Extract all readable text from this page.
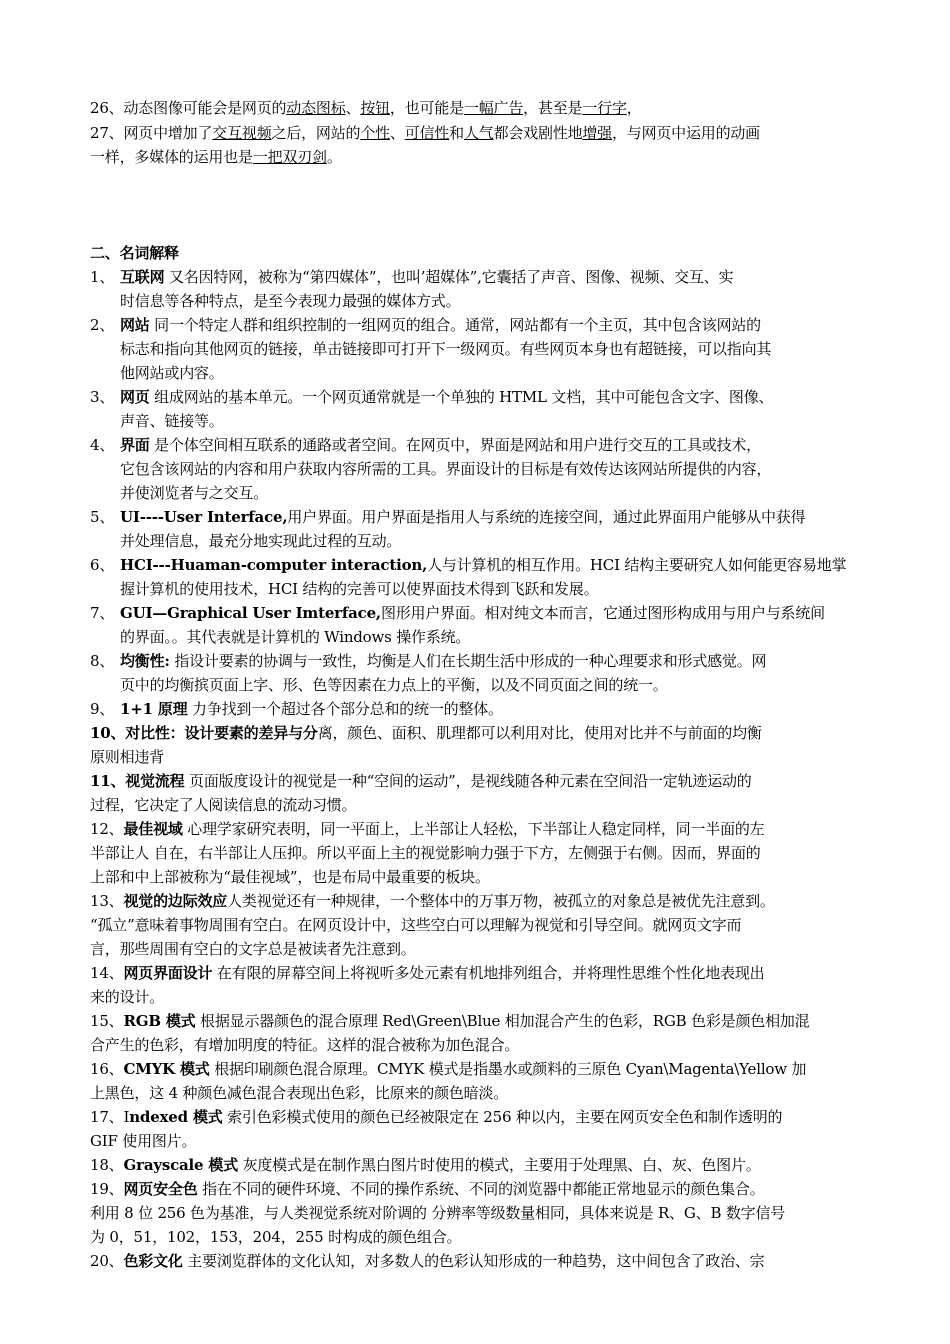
26、动态图像可能会是网页的动态图标、按钮，也可能是一幅广告，甚至是一行字，
27、网页中增加了交互视频之后，网站的个性、可信性和人气都会戏剧性地增强，与网页中运用的动画
一样，多媒体的运用也是一把双刃剑。
二、名词解释
1、 互联网 又名因特网，被称为“第四媒体”，也叫’超媒体”,它囊括了声音、图像、视频、交互、实
时信息等各种特点，是至今表现力最强的媒体方式。
2、 网站 同一个特定人群和组织控制的一组网页的组合。通常，网站都有一个主页，其中包含该网站的
标志和指向其他网页的链接，单击链接即可打开下一级网页。有些网页本身也有超链接，可以指向其
他网站或内容。
3、 网页 组成网站的基本单元。一个网页通常就是一个单独的 HTML 文档，其中可能包含文字、图像、
声音、链接等。
4、 界面 是个体空间相互联系的通路或者空间。在网页中，界面是网站和用户进行交互的工具或技术，
它包含该网站的内容和用户获取内容所需的工具。界面设计的目标是有效传达该网站所提供的内容，
并使浏览者与之交互。
5、 UI----User Interface,用户界面。用户界面是指用人与系统的连接空间，通过此界面用户能够从中获得
并处理信息，最充分地实现此过程的互动。
6、 HCI---Huaman-computer interaction,人与计算机的相互作用。HCI 结构主要研究人如何能更容易地掌
握计算机的使用技术，HCI 结构的完善可以使界面技术得到飞跃和发展。
7、 GUI—Graphical User Imterface,图形用户界面。相对纯文本而言，它通过图形构成用与用户与系统间
的界面。。其代表就是计算机的 Windows 操作系统。
8、 均衡性: 指设计要素的协调与一致性，均衡是人们在长期生活中形成的一种心理要求和形式感觉。网
页中的均衡摈页面上字、形、色等因素在力点上的平衡，以及不同页面之间的统一。
9、 1+1 原理 力争找到一个超过各个部分总和的统一的整体。
10、对比性：设计要素的差异与分离，颜色、面积、肌理都可以利用对比，使用对比并不与前面的均衡
原则相违背
11、视觉流程 页面版度设计的视觉是一种“空间的运动”，是视线随各种元素在空间沿一定轨迹运动的
过程，它决定了人阅读信息的流动习惯。
12、最佳视域 心理学家研究表明，同一平面上，上半部让人轻松，下半部让人稳定同样，同一半面的左
半部让人 自在，右半部让人压抑。所以平面上主的视觉影响力强于下方，左侧强于右侧。因而，界面的
上部和中上部被称为“最佳视域”，也是布局中最重要的板块。
13、视觉的边际效应人类视觉还有一种规律，一个整体中的万事万物，被孤立的对象总是被优先注意到。
“孤立”意味着事物周围有空白。在网页设计中，这些空白可以理解为视觉和引导空间。就网页文字而
言，那些周围有空白的文字总是被读者先注意到。
14、网页界面设计 在有限的屏幕空间上将视听多处元素有机地排列组合，并将理性思维个性化地表现出
来的设计。
15、RGB 模式 根据显示器颜色的混合原理 Red\Green\Blue 相加混合产生的色彩，RGB 色彩是颜色相加混
合产生的色彩，有增加明度的特征。这样的混合被称为加色混合。
16、CMYK 模式 根据印刷颜色混合原理。CMYK 模式是指墨水或颜料的三原色 Cyan\Magenta\Yellow 加
上黑色，这 4 种颜色减色混合表现出色彩，比原来的颜色暗淡。
17、Indexed 模式 索引色彩模式使用的颜色已经被限定在 256 种以内，主要在网页安全色和制作透明的
GIF 使用图片。
18、Grayscale 模式 灰度模式是在制作黑白图片时使用的模式，主要用于处理黑、白、灰、色图片。
19、网页安全色 指在不同的硬件环境、不同的操作系统、不同的浏览器中都能正常地显示的颜色集合。
利用 8 位 256 色为基准，与人类视觉系统对阶调的 分辨率等级数量相同，具体来说是 R、G、B 数字信号
为 0，51，102，153，204，255 时构成的颜色组合。
20、色彩文化 主要浏览群体的文化认知，对多数人的色彩认知形成的一种趋势，这中间包含了政治、宗
